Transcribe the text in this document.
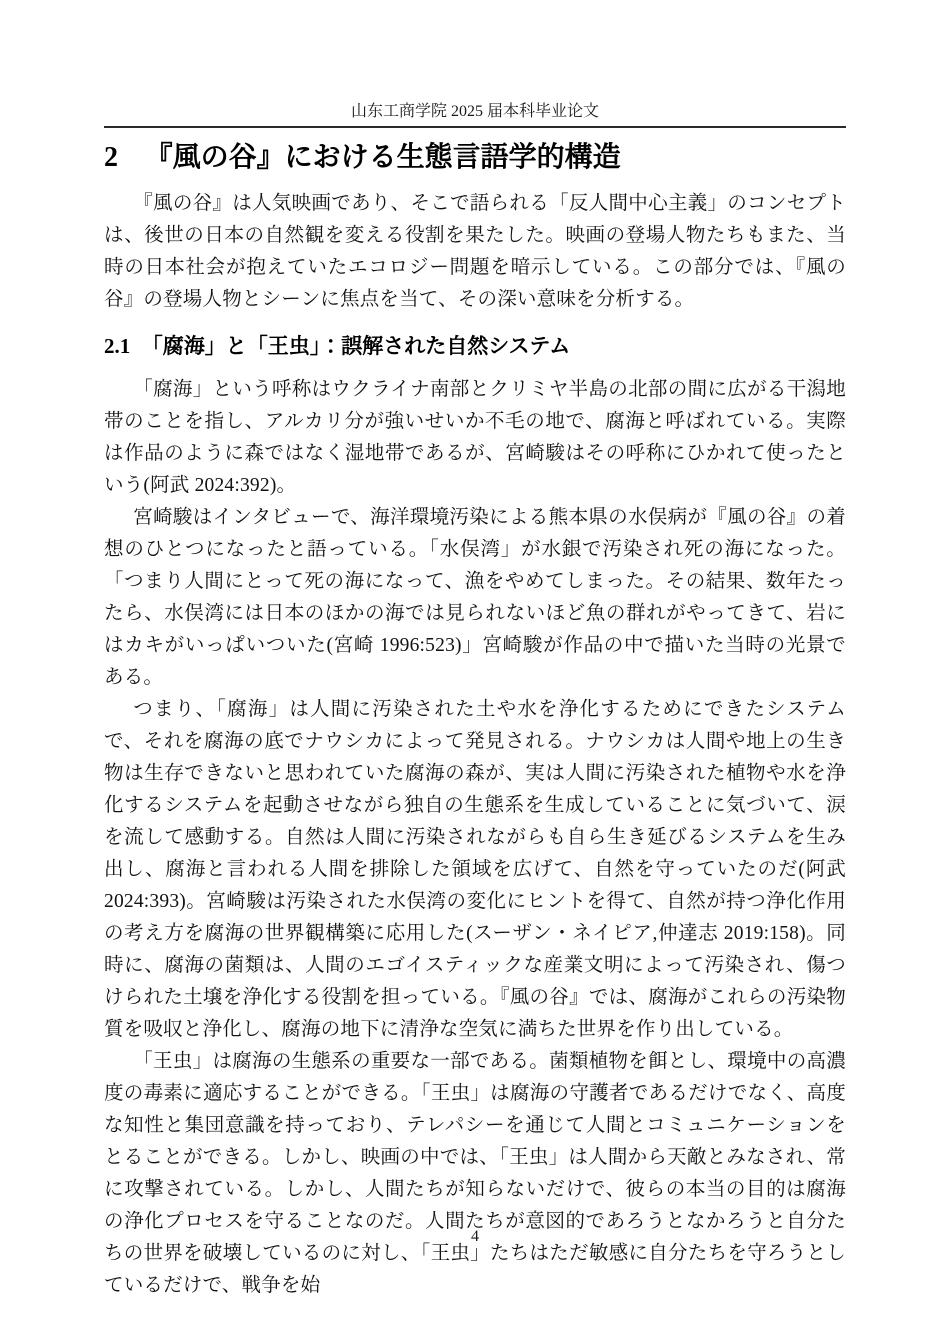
山东工商学院 2025 届本科毕业论文
2 『風の谷』における生態言語学的構造

『風の谷』は人気映画であり、そこで語られる「反人間中心主義」のコンセプトは、後世の日本の自然観を変える役割を果たした。映画の登場人物たちもまた、当時の日本社会が抱えていたエコロジー問題を暗示している。この部分では、『風の谷』の登場人物とシーンに焦点を当て、その深い意味を分析する。

2.1 「腐海」と「王虫」：誤解された自然システム

「腐海」という呼称はウクライナ南部とクリミヤ半島の北部の間に広がる干潟地帯のことを指し、アルカリ分が強いせいか不毛の地で、腐海と呼ばれている。実際は作品のように森ではなく湿地帯であるが、宮崎駿はその呼称にひかれて使ったという(阿武 2024:392)。

宮崎駿はインタビューで、海洋環境汚染による熊本県の水俣病が『風の谷』の着想のひとつになったと語っている。「水俣湾」が水銀で汚染され死の海になった。「つまり人間にとって死の海になって、漁をやめてしまった。その結果、数年たったら、水俣湾には日本のほかの海では見られないほど魚の群れがやってきて、岩にはカキがいっぱいついた(宮崎 1996:523)」宮崎駿が作品の中で描いた当時の光景である。

つまり、「腐海」は人間に汚染された土や水を浄化するためにできたシステムで、それを腐海の底でナウシカによって発見される。ナウシカは人間や地上の生き物は生存できないと思われていた腐海の森が、実は人間に汚染された植物や水を浄化するシステムを起動させながら独自の生態系を生成していることに気づいて、涙を流して感動する。自然は人間に汚染されながらも自ら生き延びるシステムを生み出し、腐海と言われる人間を排除した領域を広げて、自然を守っていたのだ(阿武 2024:393)。宮崎駿は汚染された水俣湾の変化にヒントを得て、自然が持つ浄化作用の考え方を腐海の世界観構築に応用した(スーザン・ネイピア,仲達志 2019:158)。同時に、腐海の菌類は、人間のエゴイスティックな産業文明によって汚染され、傷つけられた土壌を浄化する役割を担っている。『風の谷』では、腐海がこれらの汚染物質を吸収と浄化し、腐海の地下に清浄な空気に満ちた世界を作り出している。

「王虫」は腐海の生態系の重要な一部である。菌類植物を餌とし、環境中の高濃度の毒素に適応することができる。「王虫」は腐海の守護者であるだけでなく、高度な知性と集団意識を持っており、テレパシーを通じて人間とコミュニケーションをとることができる。しかし、映画の中では、「王虫」は人間から天敵とみなされ、常に攻撃されている。しかし、人間たちが知らないだけで、彼らの本当の目的は腐海の浄化プロセスを守ることなのだ。人間たちが意図的であろうとなかろうと自分たちの世界を破壊しているのに対し、「王虫」たちはただ敏感に自分たちを守ろうとしているだけで、戦争を始

4
